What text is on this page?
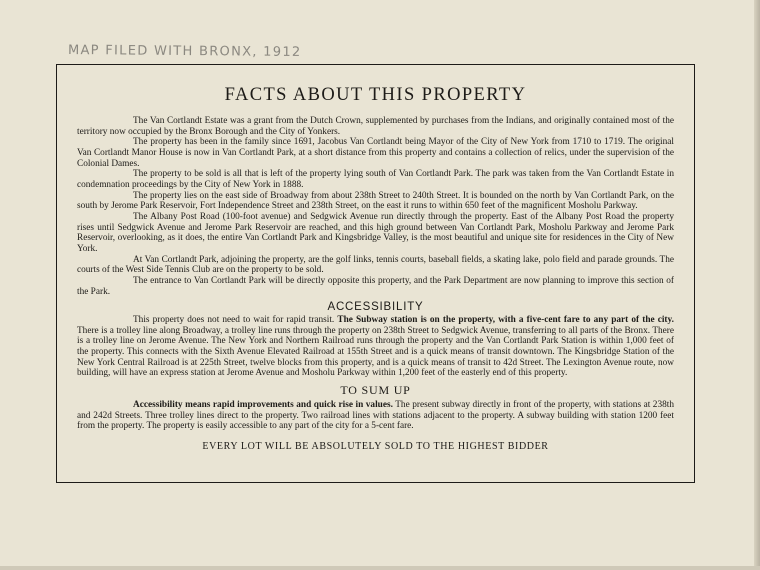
MAP FILED WITH BRONX, 1912
FACTS ABOUT THIS PROPERTY

The Van Cortlandt Estate was a grant from the Dutch Crown, supplemented by purchases from the Indians, and originally contained most of the territory now occupied by the Bronx Borough and the City of Yonkers.

The property has been in the family since 1691, Jacobus Van Cortlandt being Mayor of the City of New York from 1710 to 1719. The original Van Cortlandt Manor House is now in Van Cortlandt Park, at a short distance from this property and contains a collection of relics, under the supervision of the Colonial Dames.

The property to be sold is all that is left of the property lying south of Van Cortlandt Park. The park was taken from the Van Cortlandt Estate in condemnation proceedings by the City of New York in 1888.

The property lies on the east side of Broadway from about 238th Street to 240th Street. It is bounded on the north by Van Cortlandt Park, on the south by Jerome Park Reservoir, Fort Independence Street and 238th Street, on the east it runs to within 650 feet of the magnificent Mosholu Parkway.

The Albany Post Road (100-foot avenue) and Sedgwick Avenue run directly through the property. East of the Albany Post Road the property rises until Sedgwick Avenue and Jerome Park Reservoir are reached, and this high ground between Van Cortlandt Park, Mosholu Parkway and Jerome Park Reservoir, overlooking, as it does, the entire Van Cortlandt Park and Kingsbridge Valley, is the most beautiful and unique site for residences in the City of New York.

At Van Cortlandt Park, adjoining the property, are the golf links, tennis courts, baseball fields, a skating lake, polo field and parade grounds. The courts of the West Side Tennis Club are on the property to be sold.

The entrance to Van Cortlandt Park will be directly opposite this property, and the Park Department are now planning to improve this section of the Park.

ACCESSIBILITY

This property does not need to wait for rapid transit. The Subway station is on the property, with a five-cent fare to any part of the city. There is a trolley line along Broadway, a trolley line runs through the property on 238th Street to Sedgwick Avenue, transferring to all parts of the Bronx. There is a trolley line on Jerome Avenue. The New York and Northern Railroad runs through the property and the Van Cortlandt Park Station is within 1,000 feet of the property. This connects with the Sixth Avenue Elevated Railroad at 155th Street and is a quick means of transit downtown. The Kingsbridge Station of the New York Central Railroad is at 225th Street, twelve blocks from this property, and is a quick means of transit to 42d Street. The Lexington Avenue route, now building, will have an express station at Jerome Avenue and Mosholu Parkway within 1,200 feet of the easterly end of this property.

TO SUM UP

Accessibility means rapid improvements and quick rise in values. The present subway directly in front of the property, with stations at 238th and 242d Streets. Three trolley lines direct to the property. Two railroad lines with stations adjacent to the property. A subway building with station 1200 feet from the property. The property is easily accessible to any part of the city for a 5-cent fare.

EVERY LOT WILL BE ABSOLUTELY SOLD TO THE HIGHEST BIDDER
